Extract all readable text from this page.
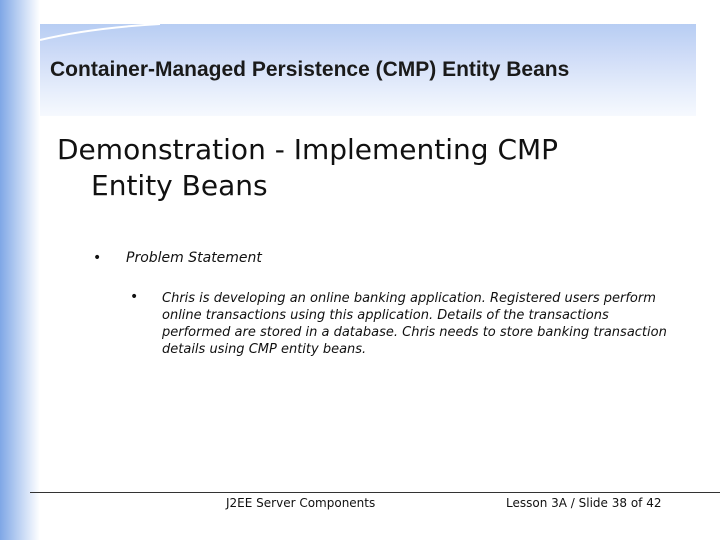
Container-Managed Persistence (CMP) Entity Beans
Demonstration - Implementing CMP
Entity Beans
• Problem Statement
• Chris is developing an online banking application. Registered users perform online transactions using this application. Details of the transactions performed are stored in a database. Chris needs to store banking transaction details using CMP entity beans.
J2EE Server Components	Lesson 3A / Slide 38 of 42
